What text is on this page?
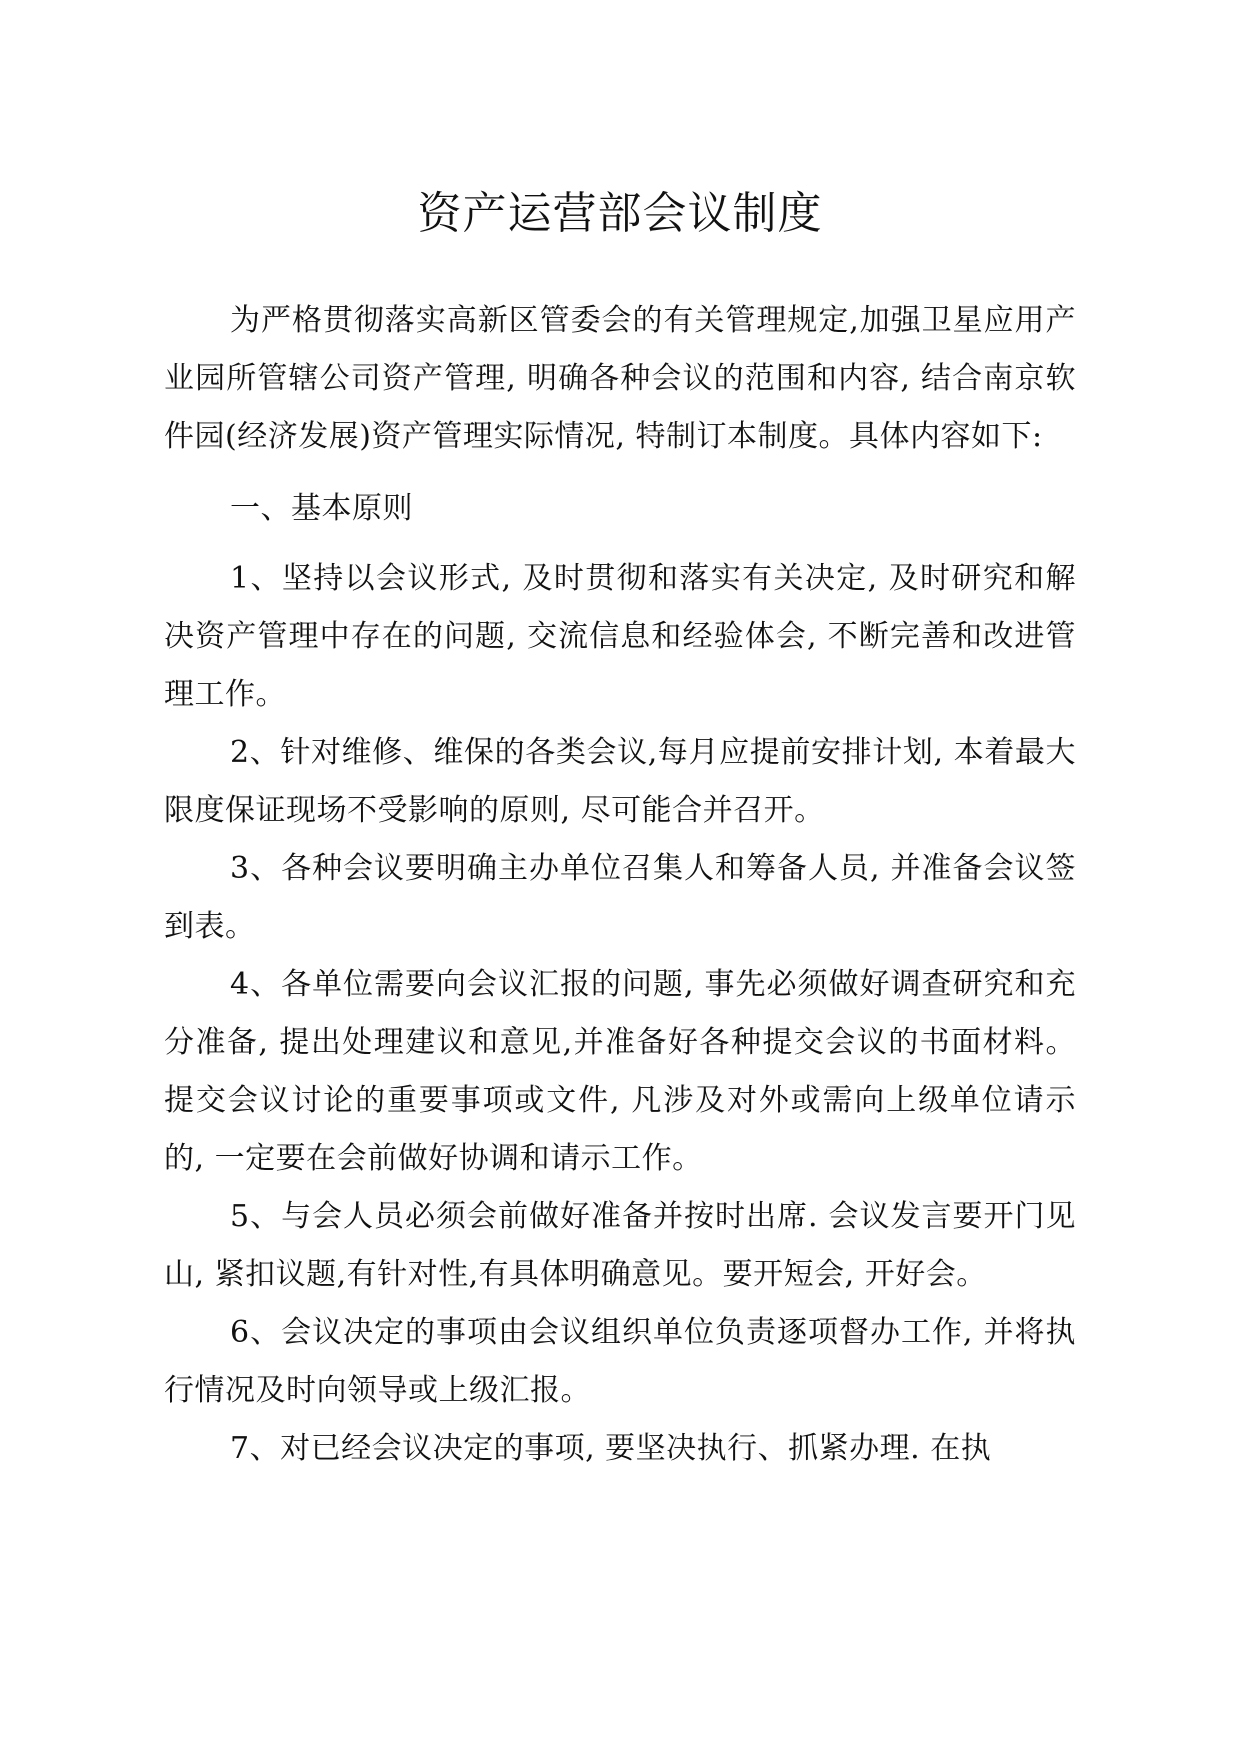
资产运营部会议制度

为严格贯彻落实高新区管委会的有关管理规定,加强卫星应用产业园所管辖公司资产管理, 明确各种会议的范围和内容, 结合南京软件园(经济发展)资产管理实际情况, 特制订本制度。具体内容如下:

一、基本原则

1、坚持以会议形式, 及时贯彻和落实有关决定, 及时研究和解决资产管理中存在的问题, 交流信息和经验体会, 不断完善和改进管理工作。

2、针对维修、维保的各类会议,每月应提前安排计划, 本着最大限度保证现场不受影响的原则, 尽可能合并召开。

3、各种会议要明确主办单位召集人和筹备人员, 并准备会议签到表。

4、各单位需要向会议汇报的问题, 事先必须做好调查研究和充分准备, 提出处理建议和意见,并准备好各种提交会议的书面材料。提交会议讨论的重要事项或文件, 凡涉及对外或需向上级单位请示的, 一定要在会前做好协调和请示工作。

5、与会人员必须会前做好准备并按时出席. 会议发言要开门见山, 紧扣议题,有针对性,有具体明确意见。要开短会, 开好会。

6、会议决定的事项由会议组织单位负责逐项督办工作, 并将执行情况及时向领导或上级汇报。

7、对已经会议决定的事项, 要坚决执行、抓紧办理. 在执
